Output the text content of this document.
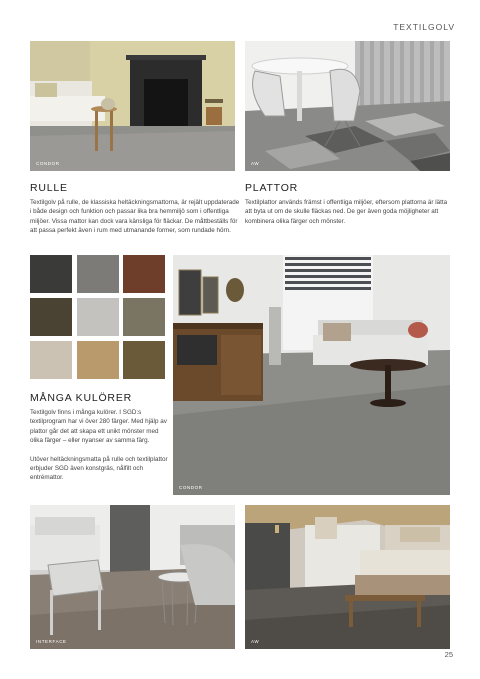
TEXTILGOLV
CONDOR	AW
RULLE

Textilgolv på rulle, de klassiska heltäckningsmattorna, är rejält uppdaterade i både design och funktion och passar lika bra hemmiljö som i offentliga miljöer. Vissa mattor kan dock vara känsliga för fläckar. De måttbeställs för att passa perfekt även i rum med utmanande former, som rundade hörn.

PLATTOR

Textilplattor används främst i offentliga miljöer, eftersom plattorna är lätta att byta ut om de skulle fläckas ned. De ger även goda möjligheter att kombinera olika färger och mönster.

MÅNGA KULÖRER

Textilgolv finns i många kulörer. I SGD:s textilprogram har vi över 280 färger. Med hjälp av plattor går det att skapa ett unikt mönster med olika färger – eller nyanser av samma färg.

Utöver heltäckningsmatta på rulle och textilplattor erbjuder SGD även konstgräs, nålfilt och entrémattor.

CONDOR
INTERFACE	AW
25
